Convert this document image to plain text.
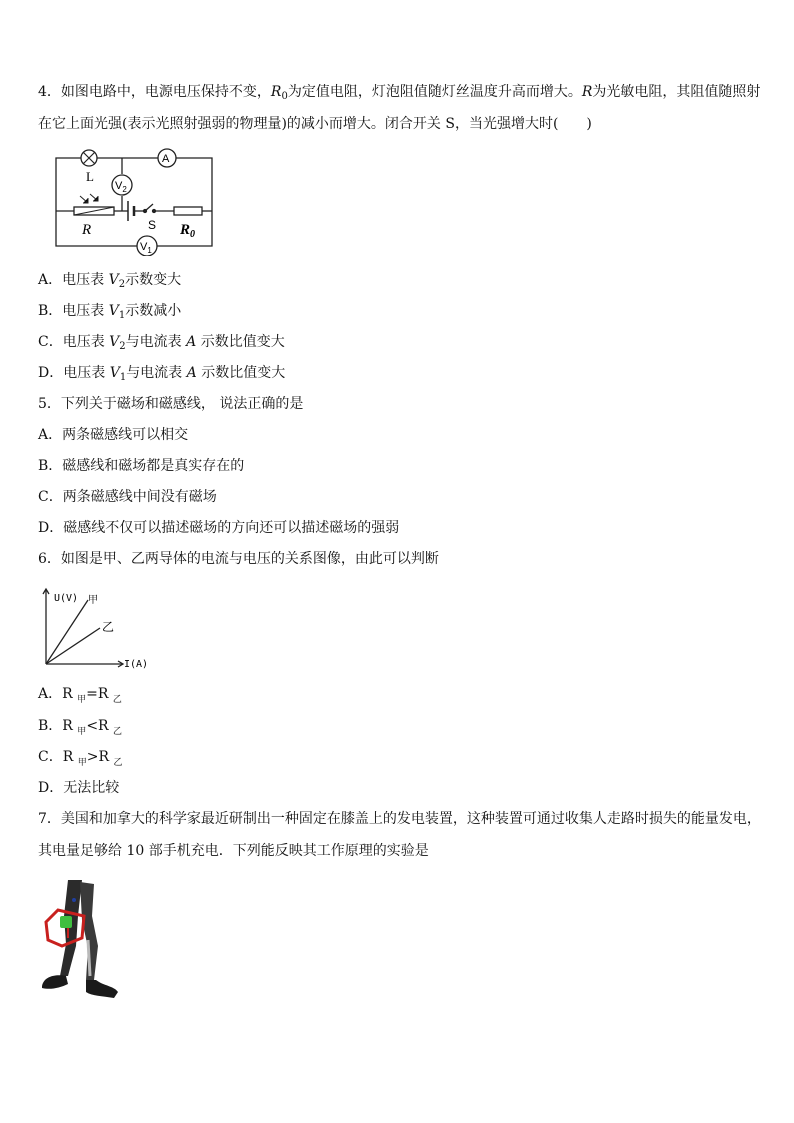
4．如图电路中，电源电压保持不变，$R_0$为定值电阻，灯泡阻值随灯丝温度升高而增大。R为光敏电阻，其阻值随照射
在它上面光强(表示光照射强弱的物理量)的减小而增大。闭合开关 S，当光强增大时(　　)
L
A
$V_2$
R	S $R_0$
$V_1$
A．电压表 $V_2$示数变大
B．电压表 $V_1$示数减小
C．电压表 $V_2$与电流表 A 示数比值变大
D．电压表 $V_1$与电流表 A 示数比值变大
5．下列关于磁场和磁感线， 说法正确的是
A．两条磁感线可以相交
B．磁感线和磁场都是真实存在的
C．两条磁感线中间没有磁场
D．磁感线不仅可以描述磁场的方向还可以描述磁场的强弱
6．如图是甲、乙两导体的电流与电压的关系图像，由此可以判断
U(V)
I(A)
甲
乙
A．R $_甲$=R $_乙$
B．R $_甲$<R $_乙$
C．R $_甲$>R $_乙$
D．无法比较
7．美国和加拿大的科学家最近研制出一种固定在膝盖上的发电装置，这种装置可通过收集人走路时损失的能量发电，
其电量足够给 10 部手机充电．下列能反映其工作原理的实验是
